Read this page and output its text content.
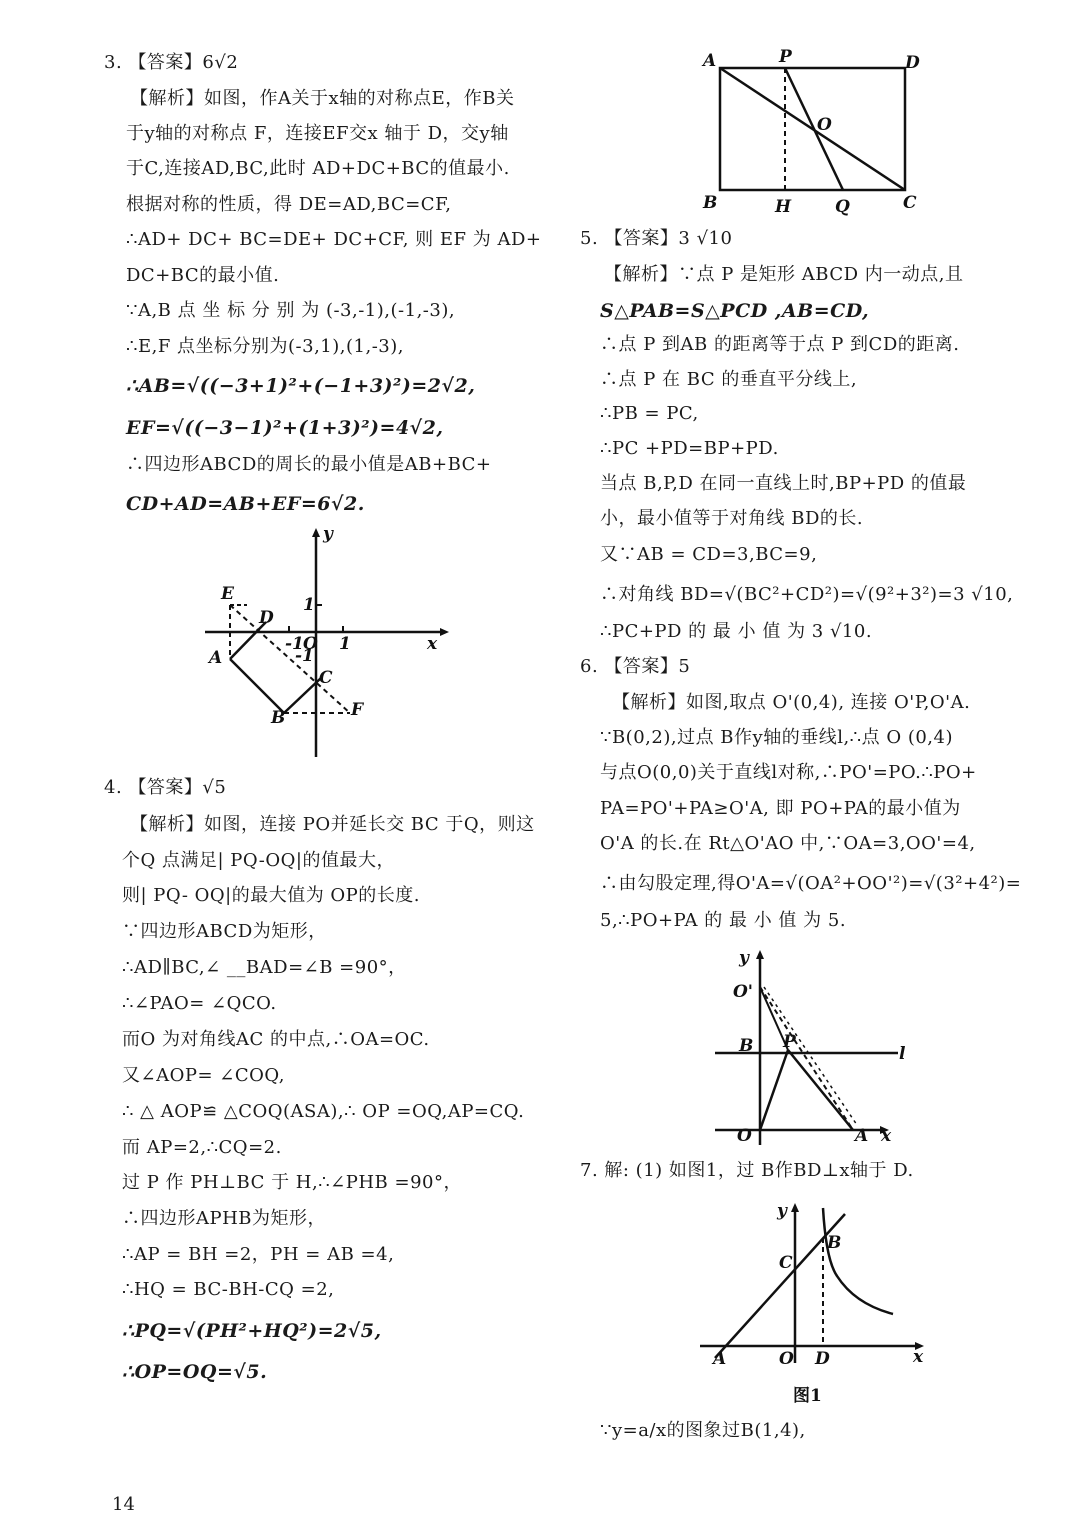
3. 【答案】6√2
【解析】如图，作A关于x轴的对称点E，作B关
于y轴的对称点 F，连接EF交x 轴于 D，交y轴
于C,连接AD,BC,此时 AD+DC+BC的值最小.
根据对称的性质，得 DE=AD,BC=CF,
∴AD+ DC+ BC=DE+ DC+CF, 则 EF 为 AD+
DC+BC的最小值.
∵A,B 点 坐 标 分 别 为 (-3,-1),(-1,-3),
∴E,F 点坐标分别为(-3,1),(1,-3),
∴AB=√((−3+1)²+(−1+3)²)=2√2,
EF=√((−3−1)²+(1+3)²)=4√2,
∴四边形ABCD的周长的最小值是AB+BC+
CD+AD=AB+EF=6√2.
y
E
D
1
-1 O 1	x
A	-1
C
B	F
4. 【答案】√5
【解析】如图，连接 PO并延长交 BC 于Q，则这
个Q 点满足| PQ-OQ|的值最大，
则| PQ- OQ|的最大值为 OP的长度.
∵四边形ABCD为矩形，
∴AD∥BC,∠ __BAD=∠B =90°，
∴∠PAO= ∠QCO.
而O 为对角线AC 的中点,∴OA=OC.
又∠AOP= ∠COQ,
∴ △ AOP≌ △COQ(ASA),∴ OP =OQ,AP=CQ.
而 AP=2,∴CQ=2.
过 P 作 PH⊥BC 于 H,∴∠PHB =90°，
∴四边形APHB为矩形，
∴AP = BH =2，PH = AB =4,
∴HQ = BC-BH-CQ =2,
∴PQ=√(PH²+HQ²)=2√5,
∴OP=OQ=√5.
A	P	D
O
B	H	Q	C
5. 【答案】3 √10
【解析】∵点 P 是矩形 ABCD 内一动点,且
S△PAB=S△PCD ,AB=CD,
∴点 P 到AB 的距离等于点 P 到CD的距离.
∴点 P 在 BC 的垂直平分线上,
∴PB = PC,
∴PC +PD=BP+PD.
当点 B,P,D 在同一直线上时,BP+PD 的值最
小，最小值等于对角线 BD的长.
又∵AB = CD=3,BC=9,
∴对角线 BD=√(BC²+CD²)=√(9²+3²)=3 √10,
∴PC+PD 的 最 小 值 为 3 √10.
6. 【答案】5
【解析】如图,取点 O'(0,4), 连接 O'P,O'A.
∵B(0,2),过点 B作y轴的垂线l,∴点 O (0,4)
与点O(0,0)关于直线l对称,∴PO'=PO.∴PO+
PA=PO'+PA≥O'A, 即 PO+PA的最小值为
O'A 的长.在 Rt△O'AO 中,∵OA=3,OO'=4,
∴由勾股定理,得O'A=√(OA²+OO'²)=√(3²+4²)=
5,∴PO+PA 的 最 小 值 为 5.
y
O'
B P
l
O	A x
7. 解: (1) 如图1，过 B作BD⊥x轴于 D.
y
B
C
A	O D	x
图1
∵y=a/x的图象过B(1,4),
14
